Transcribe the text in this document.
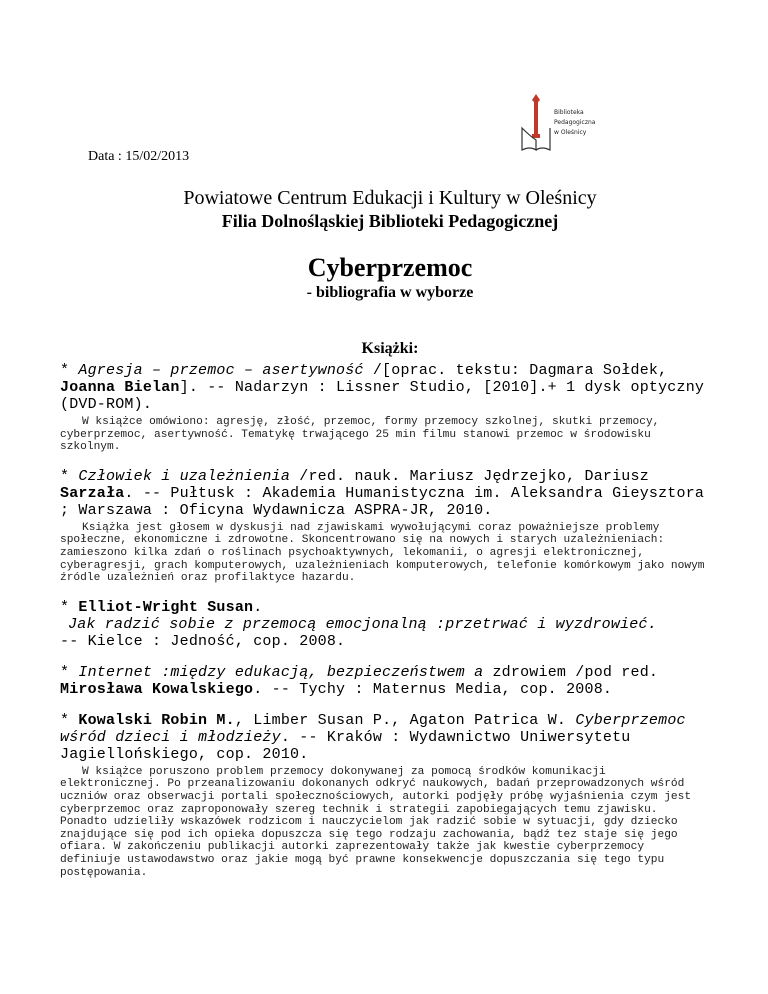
Biblioteka
Pedagogiczna
w Oleśnicy
Data : 15/02/2013
Powiatowe Centrum Edukacji i Kultury w Oleśnicy
Filia Dolnośląskiej Biblioteki Pedagogicznej
Cyberprzemoc
- bibliografia w wyborze
Książki:
* Agresja – przemoc – asertywność /[oprac. tekstu: Dagmara Sołdek, Joanna Bielan]. -- Nadarzyn : Lissner Studio, [2010].+ 1 dysk optyczny (DVD-ROM).
W książce omówiono: agresję, złość, przemoc, formy przemocy szkolnej, skutki przemocy, cyberprzemoc, asertywność. Tematykę trwającego 25 min filmu stanowi przemoc w środowisku szkolnym.
* Człowiek i uzależnienia /red. nauk. Mariusz Jędrzejko, Dariusz Sarzała. -- Pułtusk : Akademia Humanistyczna im. Aleksandra Gieysztora ; Warszawa : Oficyna Wydawnicza ASPRA-JR, 2010.
Książka jest głosem w dyskusji nad zjawiskami wywołującymi coraz poważniejsze problemy społeczne, ekonomiczne i zdrowotne. Skoncentrowano się na nowych i starych uzależnieniach: zamieszono kilka zdań o roślinach psychoaktywnych, lekomanii, o agresji elektronicznej, cyberagresji, grach komputerowych, uzależnieniach komputerowych, telefonie komórkowym jako nowym źródle uzależnień oraz profilaktyce hazardu.
* Elliot-Wright Susan.
Jak radzić sobie z przemocą emocjonalną :przetrwać i wyzdrowieć.
-- Kielce : Jedność, cop. 2008.
* Internet :między edukacją, bezpieczeństwem a zdrowiem /pod red. Mirosława Kowalskiego. -- Tychy : Maternus Media, cop. 2008.
* Kowalski Robin M., Limber Susan P., Agaton Patrica W. Cyberprzemoc wśród dzieci i młodzieży. -- Kraków : Wydawnictwo Uniwersytetu Jagiellońskiego, cop. 2010.
W książce poruszono problem przemocy dokonywanej za pomocą środków komunikacji elektronicznej. Po przeanalizowaniu dokonanych odkryć naukowych, badań przeprowadzonych wśród uczniów oraz obserwacji portali społecznościowych, autorki podjęły próbę wyjaśnienia czym jest cyberprzemoc oraz zaproponowały szereg technik i strategii zapobiegających temu zjawisku. Ponadto udzieliły wskazówek rodzicom i nauczycielom jak radzić sobie w sytuacji, gdy dziecko znajdujące się pod ich opieka dopuszcza się tego rodzaju zachowania, bądź tez staje się jego ofiara. W zakończeniu publikacji autorki zaprezentowały także jak kwestie cyberprzemocy definiuje ustawodawstwo oraz jakie mogą być prawne konsekwencje dopuszczania się tego typu postępowania.
